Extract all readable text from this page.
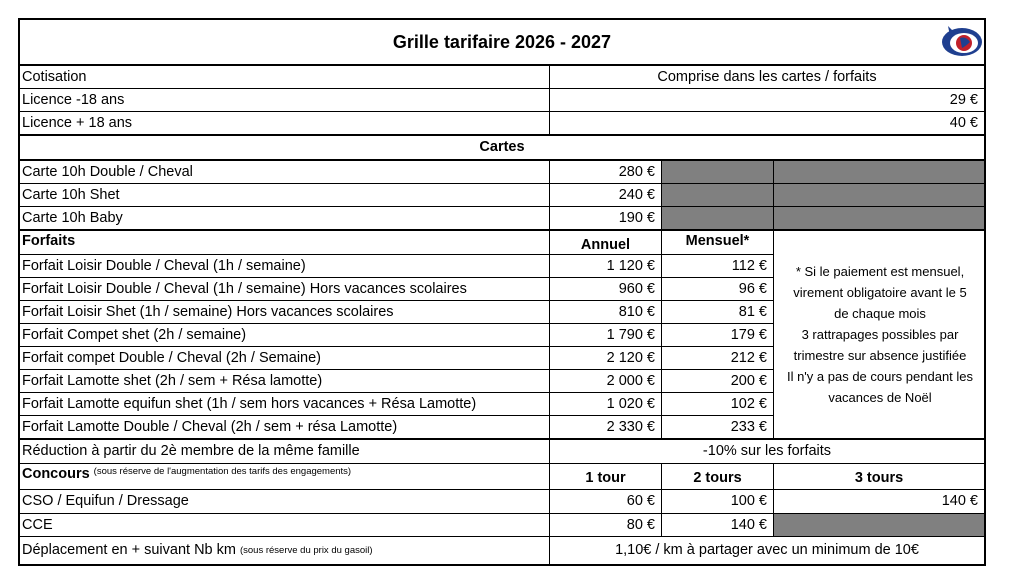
Grille tarifaire 2026 - 2027
Cotisation	Comprise dans les cartes / forfaits
Licence -18 ans	29 €
Licence + 18 ans	40 €
Cartes
Carte 10h Double / Cheval	280 €
Carte 10h Shet	240 €
Carte 10h Baby	190 €
Forfaits	Annuel	Mensuel*
Forfait Loisir Double / Cheval (1h / semaine)	1 120 €	112 €
Forfait Loisir Double / Cheval (1h / semaine) Hors vacances scolaires	960 €	96 €
Forfait Loisir Shet (1h / semaine) Hors vacances scolaires	810 €	81 €
Forfait Compet shet (2h / semaine)	1 790 €	179 €
Forfait compet Double / Cheval (2h / Semaine)	2 120 €	212 €
Forfait Lamotte shet (2h / sem + Résa lamotte)	2 000 €	200 €
Forfait Lamotte equifun shet (1h / sem hors vacances + Résa Lamotte)	1 020 €	102 €
Forfait Lamotte Double / Cheval (2h / sem + résa Lamotte)	2 330 €	233 €
* Si le paiement est mensuel,
virement obligatoire avant le 5
de chaque mois
3 rattrapages possibles par
trimestre sur absence justifiée
Il n'y a pas de cours pendant les
vacances de Noël
Réduction à partir du 2è membre de la même famille	-10% sur les forfaits
Concours (sous réserve de l'augmentation des tarifs des engagements)	1 tour	2 tours	3 tours
CSO / Equifun / Dressage	60 €	100 €	140 €
CCE	80 €	140 €
Déplacement en + suivant Nb km (sous réserve du prix du gasoil)	1,10€ / km à partager avec un minimum de 10€
